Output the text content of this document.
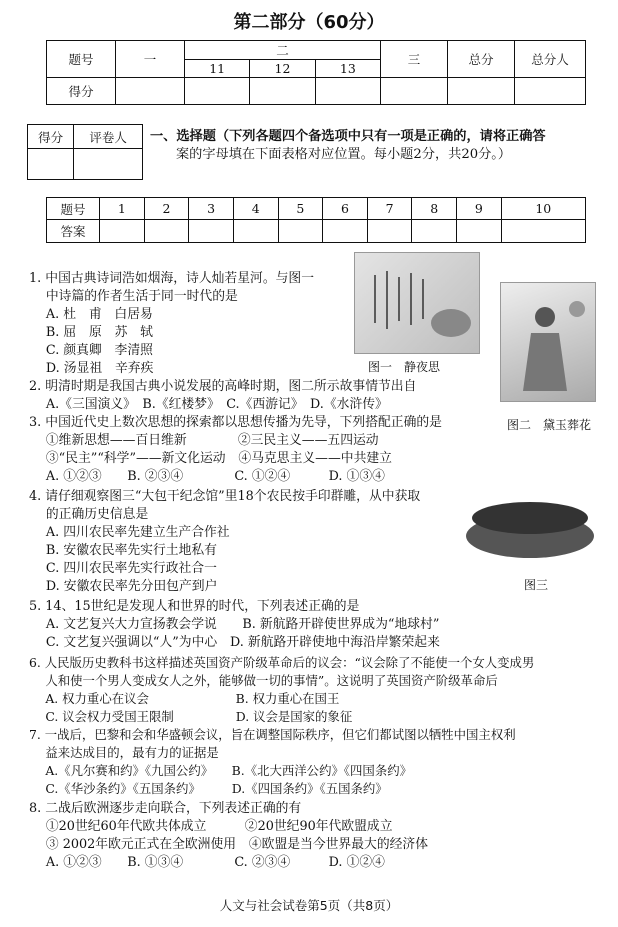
第二部分（60分）
题号	一	二			三	总分	总分人
		11	12	13			
得分							
得分	评卷人
	一、选择题（下列各题四个备选项中只有一项是正确的，请将正确答
案的字母填在下面表格对应位置。每小题2分，共20分。）
题号	1	2	3	4	5	6	7	8	9	10
答案										
图一　静夜思
图二　黛玉葬花
图三
1. 中国古典诗词浩如烟海，诗人灿若星河。与图一
　 中诗篇的作者生活于同一时代的是
　 A. 杜　甫　白居易
　 B. 屈　原　苏　轼
　 C. 颜真卿　李清照
　 D. 汤显祖　辛弃疾
2. 明清时期是我国古典小说发展的高峰时期，图二所示故事情节出自
　 A.《三国演义》　B.《红楼梦》　C.《西游记》　D.《水浒传》
3. 中国近代史上数次思想的探索都以思想传播为先导，下列搭配正确的是
　 ①维新思想——百日维新　　　　②三民主义——五四运动
　 ③“民主”“科学”——新文化运动　④马克思主义——中共建立
　 A. ①②③　　B. ②③④　　　　C. ①②④　　　D. ①③④
4. 请仔细观察图三“大包干纪念馆”里18个农民按手印群雕，从中获取
　 的正确历史信息是
　 A. 四川农民率先建立生产合作社
　 B. 安徽农民率先实行土地私有
　 C. 四川农民率先实行政社合一
　 D. 安徽农民率先分田包产到户
5. 14、15世纪是发现人和世界的时代，下列表述正确的是
　 A. 文艺复兴大力宣扬教会学说　　B. 新航路开辟使世界成为“地球村”
　 C. 文艺复兴强调以“人”为中心　D. 新航路开辟使地中海沿岸繁荣起来
6. 人民版历史教科书这样描述英国资产阶级革命后的议会：“议会除了不能使一个女人变成男
　 人和使一个男人变成女人之外，能够做一切的事情”。这说明了英国资产阶级革命后
　 A. 权力重心在议会　　　　　　　B. 权力重心在国王
　 C. 议会权力受国王限制　　　　　D. 议会是国家的象征
7. 一战后，巴黎和会和华盛顿会议，旨在调整国际秩序，但它们都试图以牺牲中国主权利
　 益来达成目的，最有力的证据是
　 A.《凡尔赛和约》《九国公约》　　B.《北大西洋公约》《四国条约》
　 C.《华沙条约》《五国条约》　　　D.《四国条约》《五国条约》
8. 二战后欧洲逐步走向联合，下列表述正确的有
　 ①20世纪60年代欧共体成立　　　②20世纪90年代欧盟成立
　 ③ 2002年欧元正式在全欧洲使用　④欧盟是当今世界最大的经济体
　 A. ①②③　　B. ①③④　　　　C. ②③④　　　D. ①②④
人文与社会试卷第5页（共8页）
